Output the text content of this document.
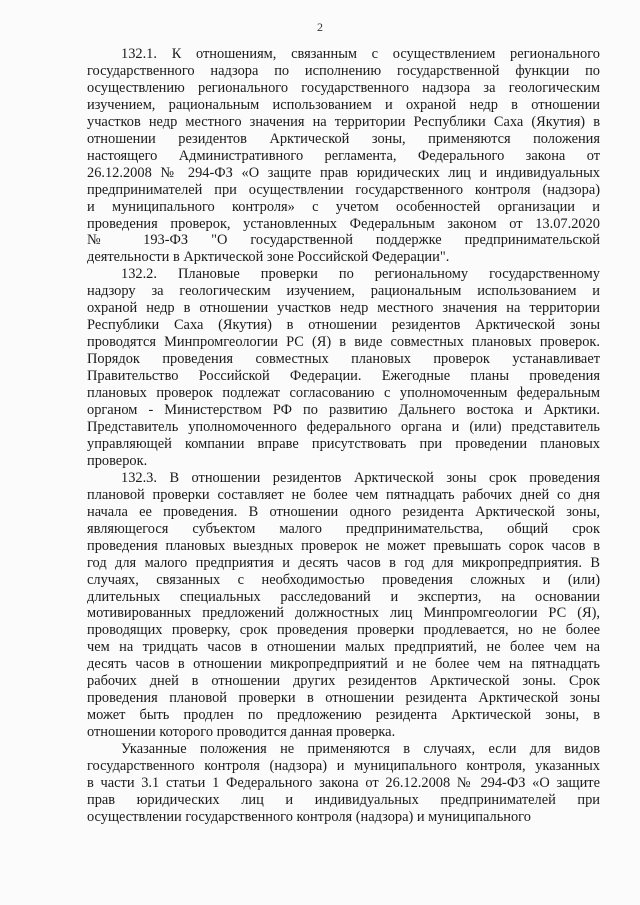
2
132.1. К отношениям, связанным с осуществлением регионального
государственного надзора по исполнению государственной функции по
осуществлению регионального государственного надзора за геологическим
изучением, рациональным использованием и охраной недр в отношении
участков недр местного значения на территории Республики Саха (Якутия) в
отношении резидентов Арктической зоны, применяются положения
настоящего Административного регламента, Федерального закона от
26.12.2008 № 294-ФЗ «О защите прав юридических лиц и индивидуальных
предпринимателей при осуществлении государственного контроля (надзора)
и муниципального контроля» с учетом особенностей организации и
проведения проверок, установленных Федеральным законом от 13.07.2020
№ 193-ФЗ "О государственной поддержке предпринимательской
деятельности в Арктической зоне Российской Федерации".
132.2. Плановые проверки по региональному государственному
надзору за геологическим изучением, рациональным использованием и
охраной недр в отношении участков недр местного значения на территории
Республики Саха (Якутия) в отношении резидентов Арктической зоны
проводятся Минпромгеологии РС (Я) в виде совместных плановых проверок.
Порядок проведения совместных плановых проверок устанавливает
Правительство Российской Федерации. Ежегодные планы проведения
плановых проверок подлежат согласованию с уполномоченным федеральным
органом - Министерством РФ по развитию Дальнего востока и Арктики.
Представитель уполномоченного федерального органа и (или) представитель
управляющей компании вправе присутствовать при проведении плановых
проверок.
132.3. В отношении резидентов Арктической зоны срок проведения
плановой проверки составляет не более чем пятнадцать рабочих дней со дня
начала ее проведения. В отношении одного резидента Арктической зоны,
являющегося субъектом малого предпринимательства, общий срок
проведения плановых выездных проверок не может превышать сорок часов в
год для малого предприятия и десять часов в год для микропредприятия. В
случаях, связанных с необходимостью проведения сложных и (или)
длительных специальных расследований и экспертиз, на основании
мотивированных предложений должностных лиц Минпромгеологии РС (Я),
проводящих проверку, срок проведения проверки продлевается, но не более
чем на тридцать часов в отношении малых предприятий, не более чем на
десять часов в отношении микропредприятий и не более чем на пятнадцать
рабочих дней в отношении других резидентов Арктической зоны. Срок
проведения плановой проверки в отношении резидента Арктической зоны
может быть продлен по предложению резидента Арктической зоны, в
отношении которого проводится данная проверка.
Указанные положения не применяются в случаях, если для видов
государственного контроля (надзора) и муниципального контроля, указанных
в части 3.1 статьи 1 Федерального закона от 26.12.2008 № 294-ФЗ «О защите
прав юридических лиц и индивидуальных предпринимателей при
осуществлении государственного контроля (надзора) и муниципального
